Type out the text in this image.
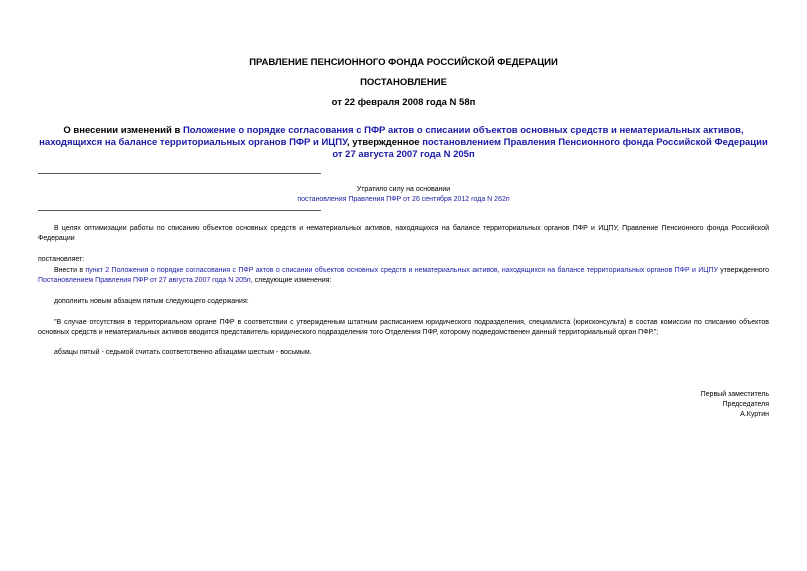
ПРАВЛЕНИЕ ПЕНСИОННОГО ФОНДА РОССИЙСКОЙ ФЕДЕРАЦИИ
ПОСТАНОВЛЕНИЕ
от 22 февраля 2008 года N 58п
О внесении изменений в Положение о порядке согласования с ПФР актов о списании объектов основных средств и нематериальных активов, находящихся на балансе территориальных органов ПФР и ИЦПУ, утвержденное постановлением Правления Пенсионного фонда Российской Федерации от 27 августа 2007 года N 205п
Утратило силу на основании
постановления Правления ПФР от 26 сентября 2012 года N 262п
В целях оптимизации работы по списанию объектов основных средств и нематериальных активов, находящихся на балансе территориальных органов ПФР и ИЦПУ, Правление Пенсионного фонда Российской Федерации
постановляет:
Внести в пункт 2 Положения о порядке согласования с ПФР актов о списании объектов основных средств и нематериальных активов, находящихся на балансе территориальных органов ПФР и ИЦПУ утвержденного Постановлением Правления ПФР от 27 августа 2007 года N 205п, следующие изменения:
дополнить новым абзацем пятым следующего содержания:
"В случае отсутствия в территориальном органе ПФР в соответствии с утвержденным штатным расписанием юридического подразделения, специалиста (юрисконсульта) в состав комиссии по списанию объектов основных средств и нематериальных активов вводится представитель юридического подразделения того Отделения ПФР, которому подведомственен данный территориальный орган ПФР.";
абзацы пятый - седьмой считать соответственно абзацами шестым - восьмым.
Первый заместитель
Председателя
А.Куртин
